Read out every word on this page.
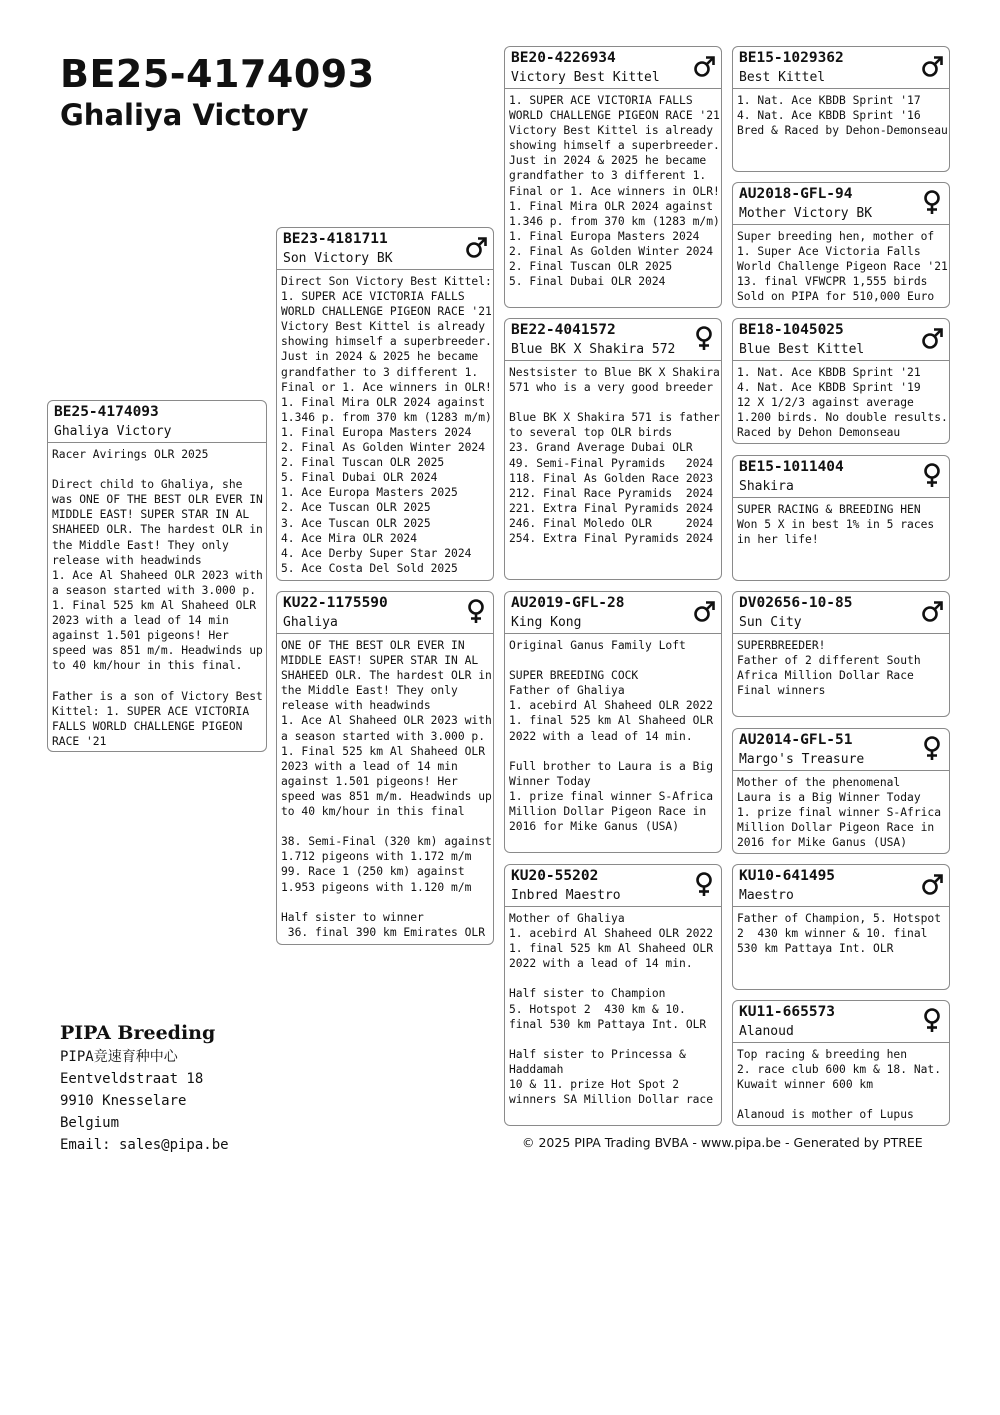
BE25-4174093
Ghaliya Victory
BE25-4174093
Ghaliya Victory
Racer Avirings OLR 2025

Direct child to Ghaliya, she
was ONE OF THE BEST OLR EVER IN
MIDDLE EAST! SUPER STAR IN AL
SHAHEED OLR. The hardest OLR in
the Middle East! They only
release with headwinds
1. Ace Al Shaheed OLR 2023 with
a season started with 3.000 p.
1. Final 525 km Al Shaheed OLR
2023 with a lead of 14 min
against 1.501 pigeons! Her
speed was 851 m/m. Headwinds up
to 40 km/hour in this final.

Father is a son of Victory Best
Kittel: 1. SUPER ACE VICTORIA
FALLS WORLD CHALLENGE PIGEON
RACE '21
BE23-4181711
Son Victory BK
Direct Son Victory Best Kittel:
1. SUPER ACE VICTORIA FALLS
WORLD CHALLENGE PIGEON RACE '21
Victory Best Kittel is already
showing himself a superbreeder.
Just in 2024 & 2025 he became
grandfather to 3 different 1.
Final or 1. Ace winners in OLR!
1. Final Mira OLR 2024 against
1.346 p. from 370 km (1283 m/m)
1. Final Europa Masters 2024
2. Final As Golden Winter 2024
2. Final Tuscan OLR 2025
5. Final Dubai OLR 2024
1. Ace Europa Masters 2025
2. Ace Tuscan OLR 2025
3. Ace Tuscan OLR 2025
4. Ace Mira OLR 2024
4. Ace Derby Super Star 2024
5. Ace Costa Del Sold 2025
KU22-1175590
Ghaliya
ONE OF THE BEST OLR EVER IN
MIDDLE EAST! SUPER STAR IN AL
SHAHEED OLR. The hardest OLR in
the Middle East! They only
release with headwinds
1. Ace Al Shaheed OLR 2023 with
a season started with 3.000 p.
1. Final 525 km Al Shaheed OLR
2023 with a lead of 14 min
against 1.501 pigeons! Her
speed was 851 m/m. Headwinds up
to 40 km/hour in this final

38. Semi-Final (320 km) against
1.712 pigeons with 1.172 m/m
99. Race 1 (250 km) against
1.953 pigeons with 1.120 m/m

Half sister to winner
36. final 390 km Emirates OLR
BE20-4226934
Victory Best Kittel
1. SUPER ACE VICTORIA FALLS
WORLD CHALLENGE PIGEON RACE '21
Victory Best Kittel is already
showing himself a superbreeder.
Just in 2024 & 2025 he became
grandfather to 3 different 1.
Final or 1. Ace winners in OLR!
1. Final Mira OLR 2024 against
1.346 p. from 370 km (1283 m/m)
1. Final Europa Masters 2024
2. Final As Golden Winter 2024
2. Final Tuscan OLR 2025
5. Final Dubai OLR 2024
BE22-4041572
Blue BK X Shakira 572
Nestsister to Blue BK X Shakira
571 who is a very good breeder

Blue BK X Shakira 571 is father
to several top OLR birds
23. Grand Average Dubai OLR
49. Semi-Final Pyramids   2024
118. Final As Golden Race 2023
212. Final Race Pyramids  2024
221. Extra Final Pyramids 2024
246. Final Moledo OLR     2024
254. Extra Final Pyramids 2024
AU2019-GFL-28
King Kong
Original Ganus Family Loft

SUPER BREEDING COCK
Father of Ghaliya
1. acebird Al Shaheed OLR 2022
1. final 525 km Al Shaheed OLR
2022 with a lead of 14 min.

Full brother to Laura is a Big
Winner Today
1. prize final winner S-Africa
Million Dollar Pigeon Race in
2016 for Mike Ganus (USA)
KU20-55202
Inbred Maestro
Mother of Ghaliya
1. acebird Al Shaheed OLR 2022
1. final 525 km Al Shaheed OLR
2022 with a lead of 14 min.

Half sister to Champion
5. Hotspot 2  430 km & 10.
final 530 km Pattaya Int. OLR

Half sister to Princessa &
Haddamah
10 & 11. prize Hot Spot 2
winners SA Million Dollar race
BE15-1029362
Best Kittel
1. Nat. Ace KBDB Sprint '17
4. Nat. Ace KBDB Sprint '16
Bred & Raced by Dehon-Demonseau
AU2018-GFL-94
Mother Victory BK
Super breeding hen, mother of
1. Super Ace Victoria Falls
World Challenge Pigeon Race '21
13. final VFWCPR 1,555 birds
Sold on PIPA for 510,000 Euro
BE18-1045025
Blue Best Kittel
1. Nat. Ace KBDB Sprint '21
4. Nat. Ace KBDB Sprint '19
12 X 1/2/3 against average
1.200 birds. No double results.
Raced by Dehon Demonseau
BE15-1011404
Shakira
SUPER RACING & BREEDING HEN
Won 5 X in best 1% in 5 races
in her life!
DV02656-10-85
Sun City
SUPERBREEDER!
Father of 2 different South
Africa Million Dollar Race
Final winners
AU2014-GFL-51
Margo's Treasure
Mother of the phenomenal
Laura is a Big Winner Today
1. prize final winner S-Africa
Million Dollar Pigeon Race in
2016 for Mike Ganus (USA)
KU10-641495
Maestro
Father of Champion, 5. Hotspot
2  430 km winner & 10. final
530 km Pattaya Int. OLR
KU11-665573
Alanoud
Top racing & breeding hen
2. race club 600 km & 18. Nat.
Kuwait winner 600 km

Alanoud is mother of Lupus
PIPA Breeding
PIPA竞速育种中心
Eentveldstraat 18
9910 Knesselare
Belgium
Email: sales@pipa.be	© 2025 PIPA Trading BVBA - www.pipa.be - Generated by PTREE
